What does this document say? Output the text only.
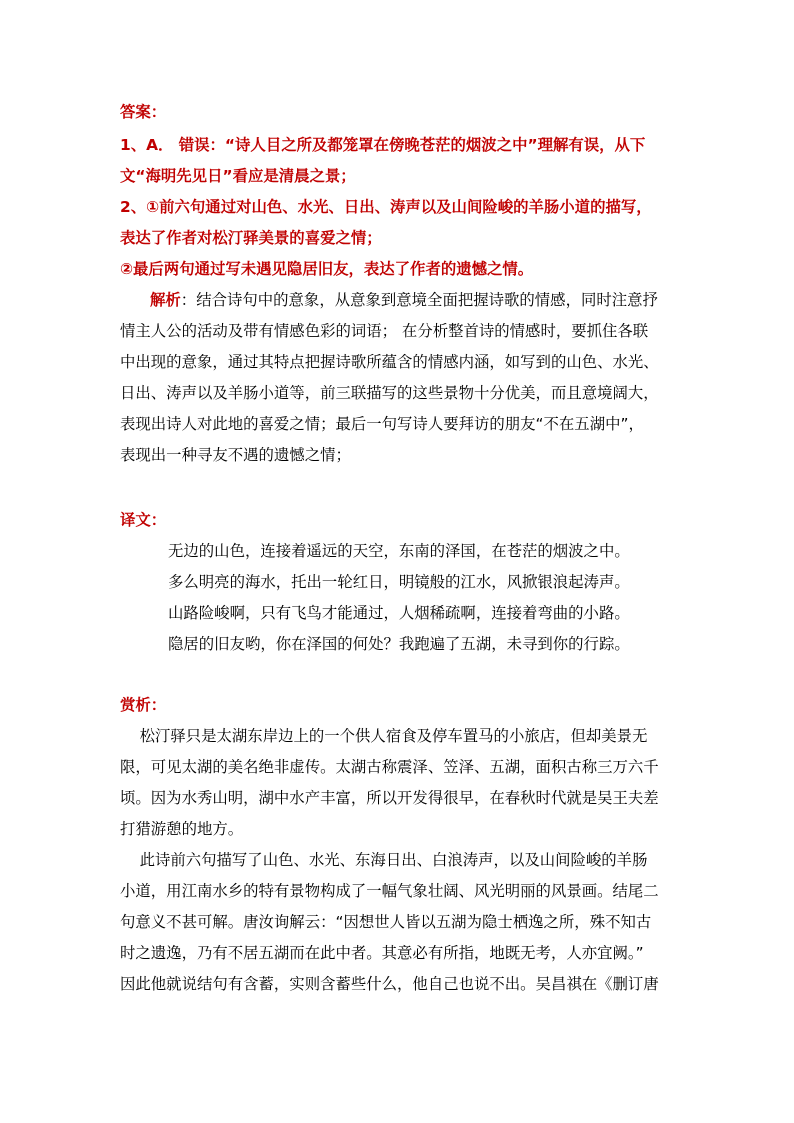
答案：
1、A． 错误：“诗人目之所及都笼罩在傍晚苍茫的烟波之中”理解有误，从下
文“海明先见日”看应是清晨之景；
2、①前六句通过对山色、水光、日出、涛声以及山间险峻的羊肠小道的描写，
表达了作者对松汀驿美景的喜爱之情；
②最后两句通过写未遇见隐居旧友，表达了作者的遗憾之情。
解析：结合诗句中的意象，从意象到意境全面把握诗歌的情感，同时注意抒
情主人公的活动及带有情感色彩的词语； 在分析整首诗的情感时，要抓住各联
中出现的意象，通过其特点把握诗歌所蕴含的情感内涵，如写到的山色、水光、
日出、涛声以及羊肠小道等，前三联描写的这些景物十分优美，而且意境阔大，
表现出诗人对此地的喜爱之情；最后一句写诗人要拜访的朋友“不在五湖中”，
表现出一种寻友不遇的遗憾之情；
译文：
无边的山色，连接着遥远的天空，东南的泽国，在苍茫的烟波之中。
多么明亮的海水，托出一轮红日，明镜般的江水，风掀银浪起涛声。
山路险峻啊，只有飞鸟才能通过，人烟稀疏啊，连接着弯曲的小路。
隐居的旧友哟，你在泽国的何处？我跑遍了五湖，未寻到你的行踪。
赏析：
松汀驿只是太湖东岸边上的一个供人宿食及停车置马的小旅店，但却美景无
限，可见太湖的美名绝非虚传。太湖古称震泽、笠泽、五湖，面积古称三万六千
顷。因为水秀山明，湖中水产丰富，所以开发得很早，在春秋时代就是吴王夫差
打猎游憩的地方。
此诗前六句描写了山色、水光、东海日出、白浪涛声，以及山间险峻的羊肠
小道，用江南水乡的特有景物构成了一幅气象壮阔、风光明丽的风景画。结尾二
句意义不甚可解。唐汝询解云：“因想世人皆以五湖为隐士栖逸之所，殊不知古
时之遗逸，乃有不居五湖而在此中者。其意必有所指，地既无考，人亦宜阙。”
因此他就说结句有含蓄，实则含蓄些什么，他自己也说不出。吴昌祺在《删订唐
